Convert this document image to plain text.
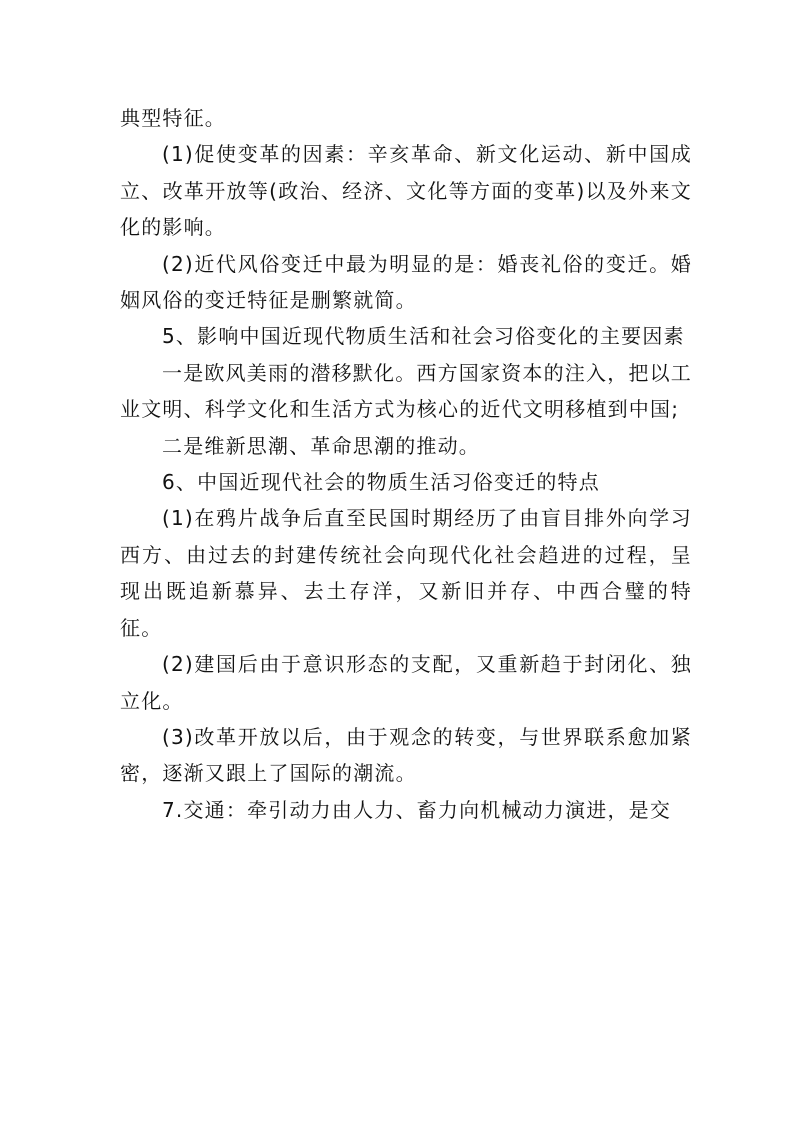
典型特征。

(1)促使变革的因素：辛亥革命、新文化运动、新中国成立、改革开放等(政治、经济、文化等方面的变革)以及外来文化的影响。

(2)近代风俗变迁中最为明显的是：婚丧礼俗的变迁。婚姻风俗的变迁特征是删繁就简。

5、影响中国近现代物质生活和社会习俗变化的主要因素

一是欧风美雨的潜移默化。西方国家资本的注入，把以工业文明、科学文化和生活方式为核心的近代文明移植到中国;

二是维新思潮、革命思潮的推动。

6、中国近现代社会的物质生活习俗变迁的特点

(1)在鸦片战争后直至民国时期经历了由盲目排外向学习西方、由过去的封建传统社会向现代化社会趋进的过程，呈现出既追新慕异、去土存洋，又新旧并存、中西合璧的特征。

(2)建国后由于意识形态的支配，又重新趋于封闭化、独立化。

(3)改革开放以后，由于观念的转变，与世界联系愈加紧密，逐渐又跟上了国际的潮流。

7.交通：牵引动力由人力、畜力向机械动力演进，是交
